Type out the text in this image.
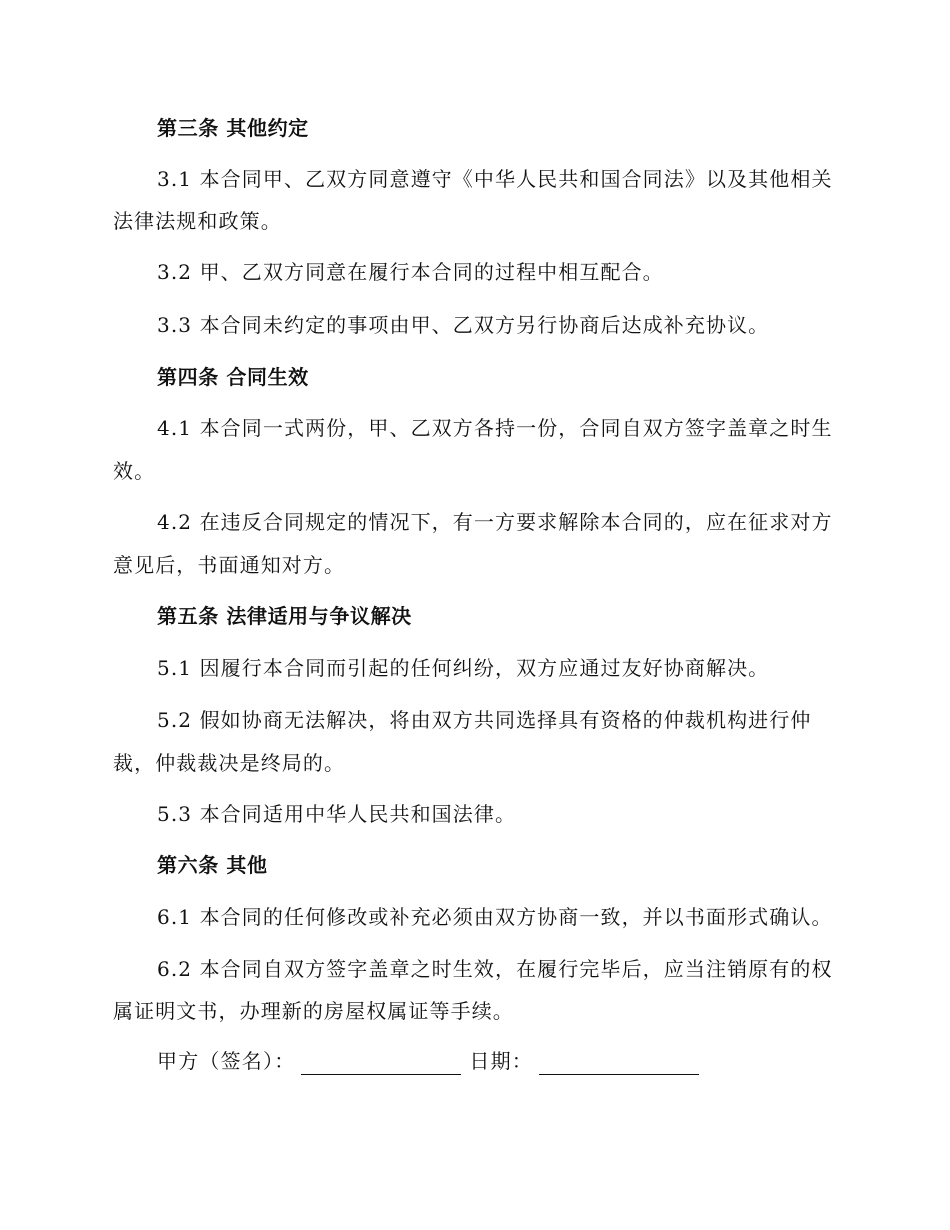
第三条 其他约定
3.1 本合同甲、乙双方同意遵守《中华人民共和国合同法》以及其他相关
法律法规和政策。
3.2 甲、乙双方同意在履行本合同的过程中相互配合。
3.3 本合同未约定的事项由甲、乙双方另行协商后达成补充协议。
第四条 合同生效
4.1 本合同一式两份，甲、乙双方各持一份，合同自双方签字盖章之时生
效。
4.2 在违反合同规定的情况下，有一方要求解除本合同的，应在征求对方
意见后，书面通知对方。
第五条 法律适用与争议解决
5.1 因履行本合同而引起的任何纠纷，双方应通过友好协商解决。
5.2 假如协商无法解决，将由双方共同选择具有资格的仲裁机构进行仲
裁，仲裁裁决是终局的。
5.3 本合同适用中华人民共和国法律。
第六条 其他
6.1 本合同的任何修改或补充必须由双方协商一致，并以书面形式确认。
6.2 本合同自双方签字盖章之时生效，在履行完毕后，应当注销原有的权
属证明文书，办理新的房屋权属证等手续。
甲方（签名）：	日期：
